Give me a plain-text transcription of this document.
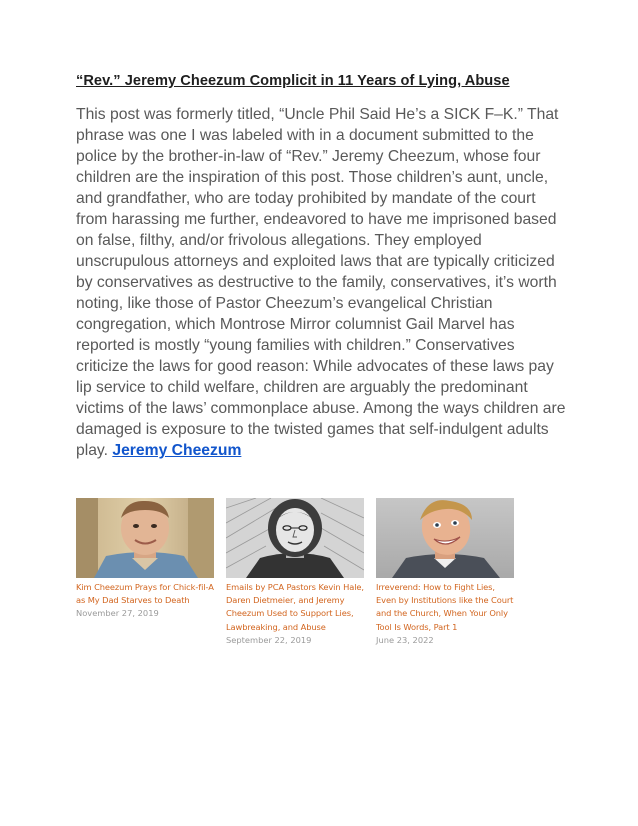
“Rev.” Jeremy Cheezum Complicit in 11 Years of Lying, Abuse

This post was formerly titled, “Uncle Phil Said He’s a SICK F–K.” That phrase was one I was labeled with in a document submitted to the police by the brother-in-law of “Rev.” Jeremy Cheezum, whose four children are the inspiration of this post. Those children’s aunt, uncle, and grandfather, who are today prohibited by mandate of the court from harassing me further, endeavored to have me imprisoned based on false, filthy, and/or frivolous allegations. They employed unscrupulous attorneys and exploited laws that are typically criticized by conservatives as destructive to the family, conservatives, it’s worth noting, like those of Pastor Cheezum’s evangelical Christian congregation, which Montrose Mirror columnist Gail Marvel has reported is mostly “young families with children.” Conservatives criticize the laws for good reason: While advocates of these laws pay lip service to child welfare, children are arguably the predominant victims of the laws’ commonplace abuse. Among the ways children are damaged is exposure to the twisted games that self-indulgent adults play. Jeremy Cheezum

Kim Cheezum Prays for Chick-fil-A as My Dad Starves to Death

November 27, 2019

Emails by PCA Pastors Kevin Hale, Daren Dietmeier, and Jeremy Cheezum Used to Support Lies, Lawbreaking, and Abuse

September 22, 2019

Irreverend: How to Fight Lies, Even by Institutions like the Court and the Church, When Your Only Tool Is Words, Part 1

June 23, 2022
